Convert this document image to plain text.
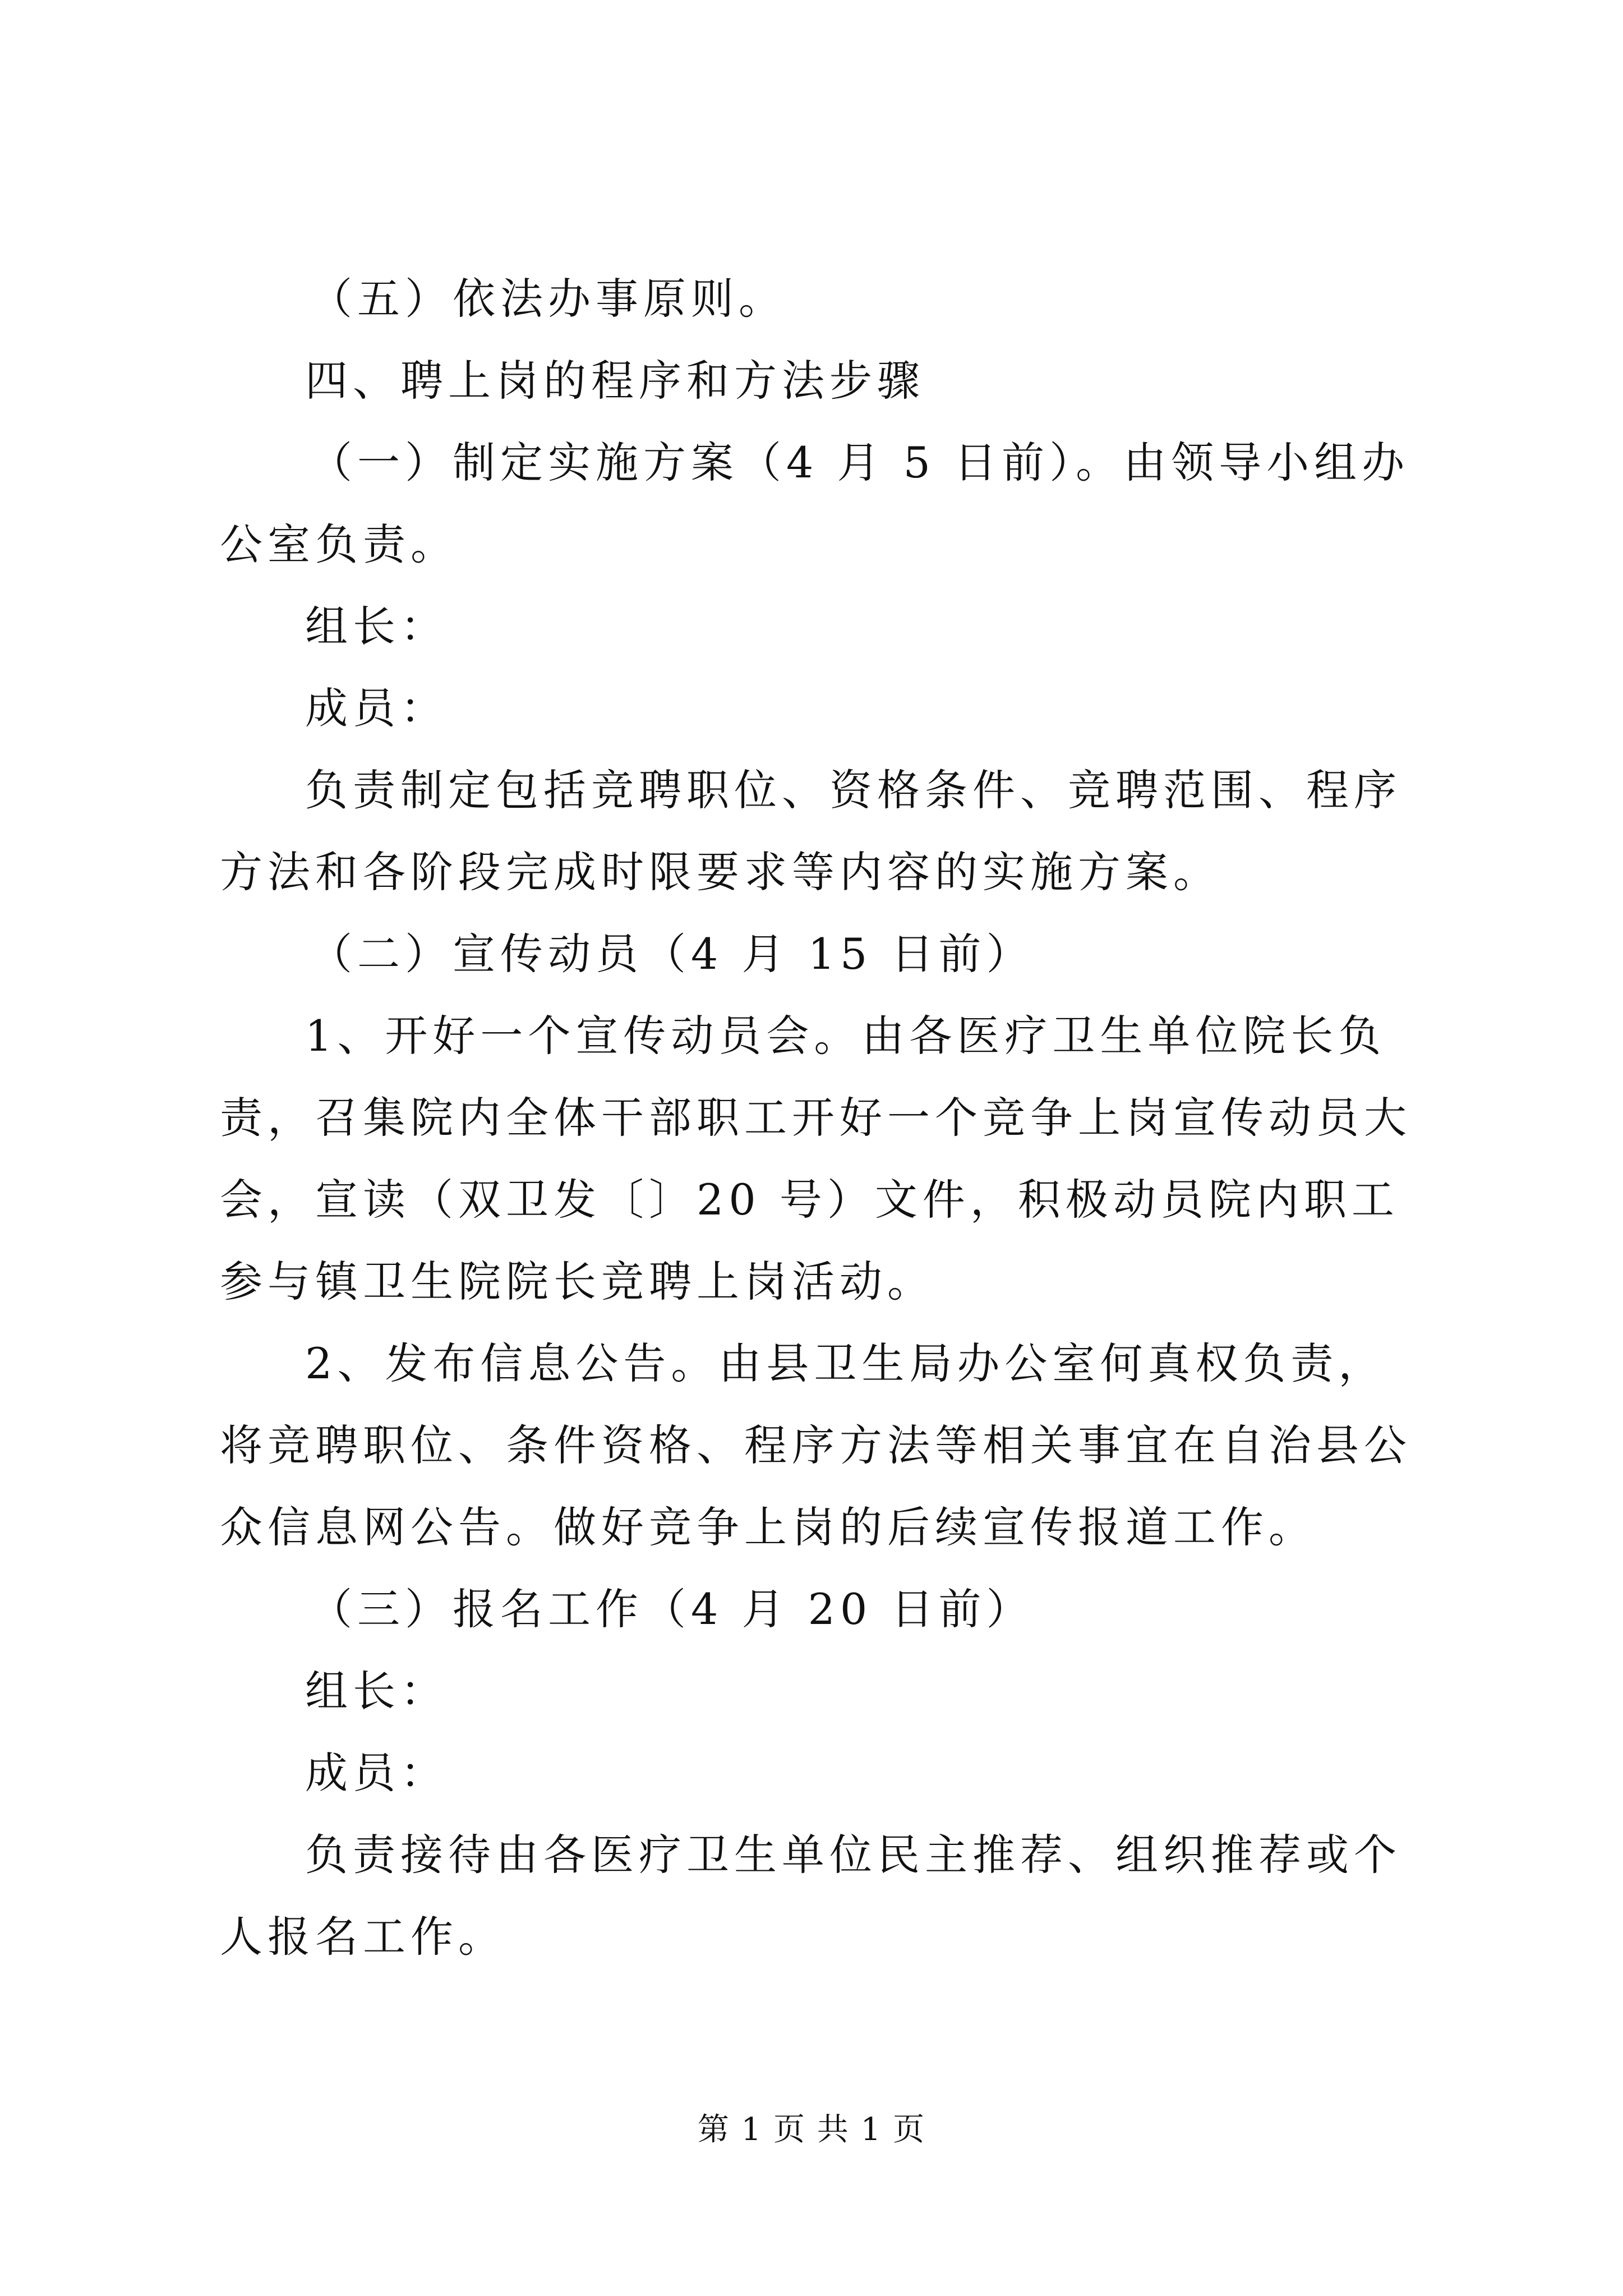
（五）依法办事原则。

四、聘上岗的程序和方法步骤

（一）制定实施方案（4 月 5 日前）。由领导小组办公室负责。

组长：

成员：

负责制定包括竞聘职位、资格条件、竞聘范围、程序方法和各阶段完成时限要求等内容的实施方案。

（二）宣传动员（4 月 15 日前）

1、开好一个宣传动员会。由各医疗卫生单位院长负责，召集院内全体干部职工开好一个竞争上岗宣传动员大会，宣读（双卫发〔〕20 号）文件，积极动员院内职工参与镇卫生院院长竞聘上岗活动。

2、发布信息公告。由县卫生局办公室何真权负责，将竞聘职位、条件资格、程序方法等相关事宜在自治县公众信息网公告。做好竞争上岗的后续宣传报道工作。

（三）报名工作（4 月 20 日前）

组长：

成员：

负责接待由各医疗卫生单位民主推荐、组织推荐或个人报名工作。

第 1 页 共 1 页
